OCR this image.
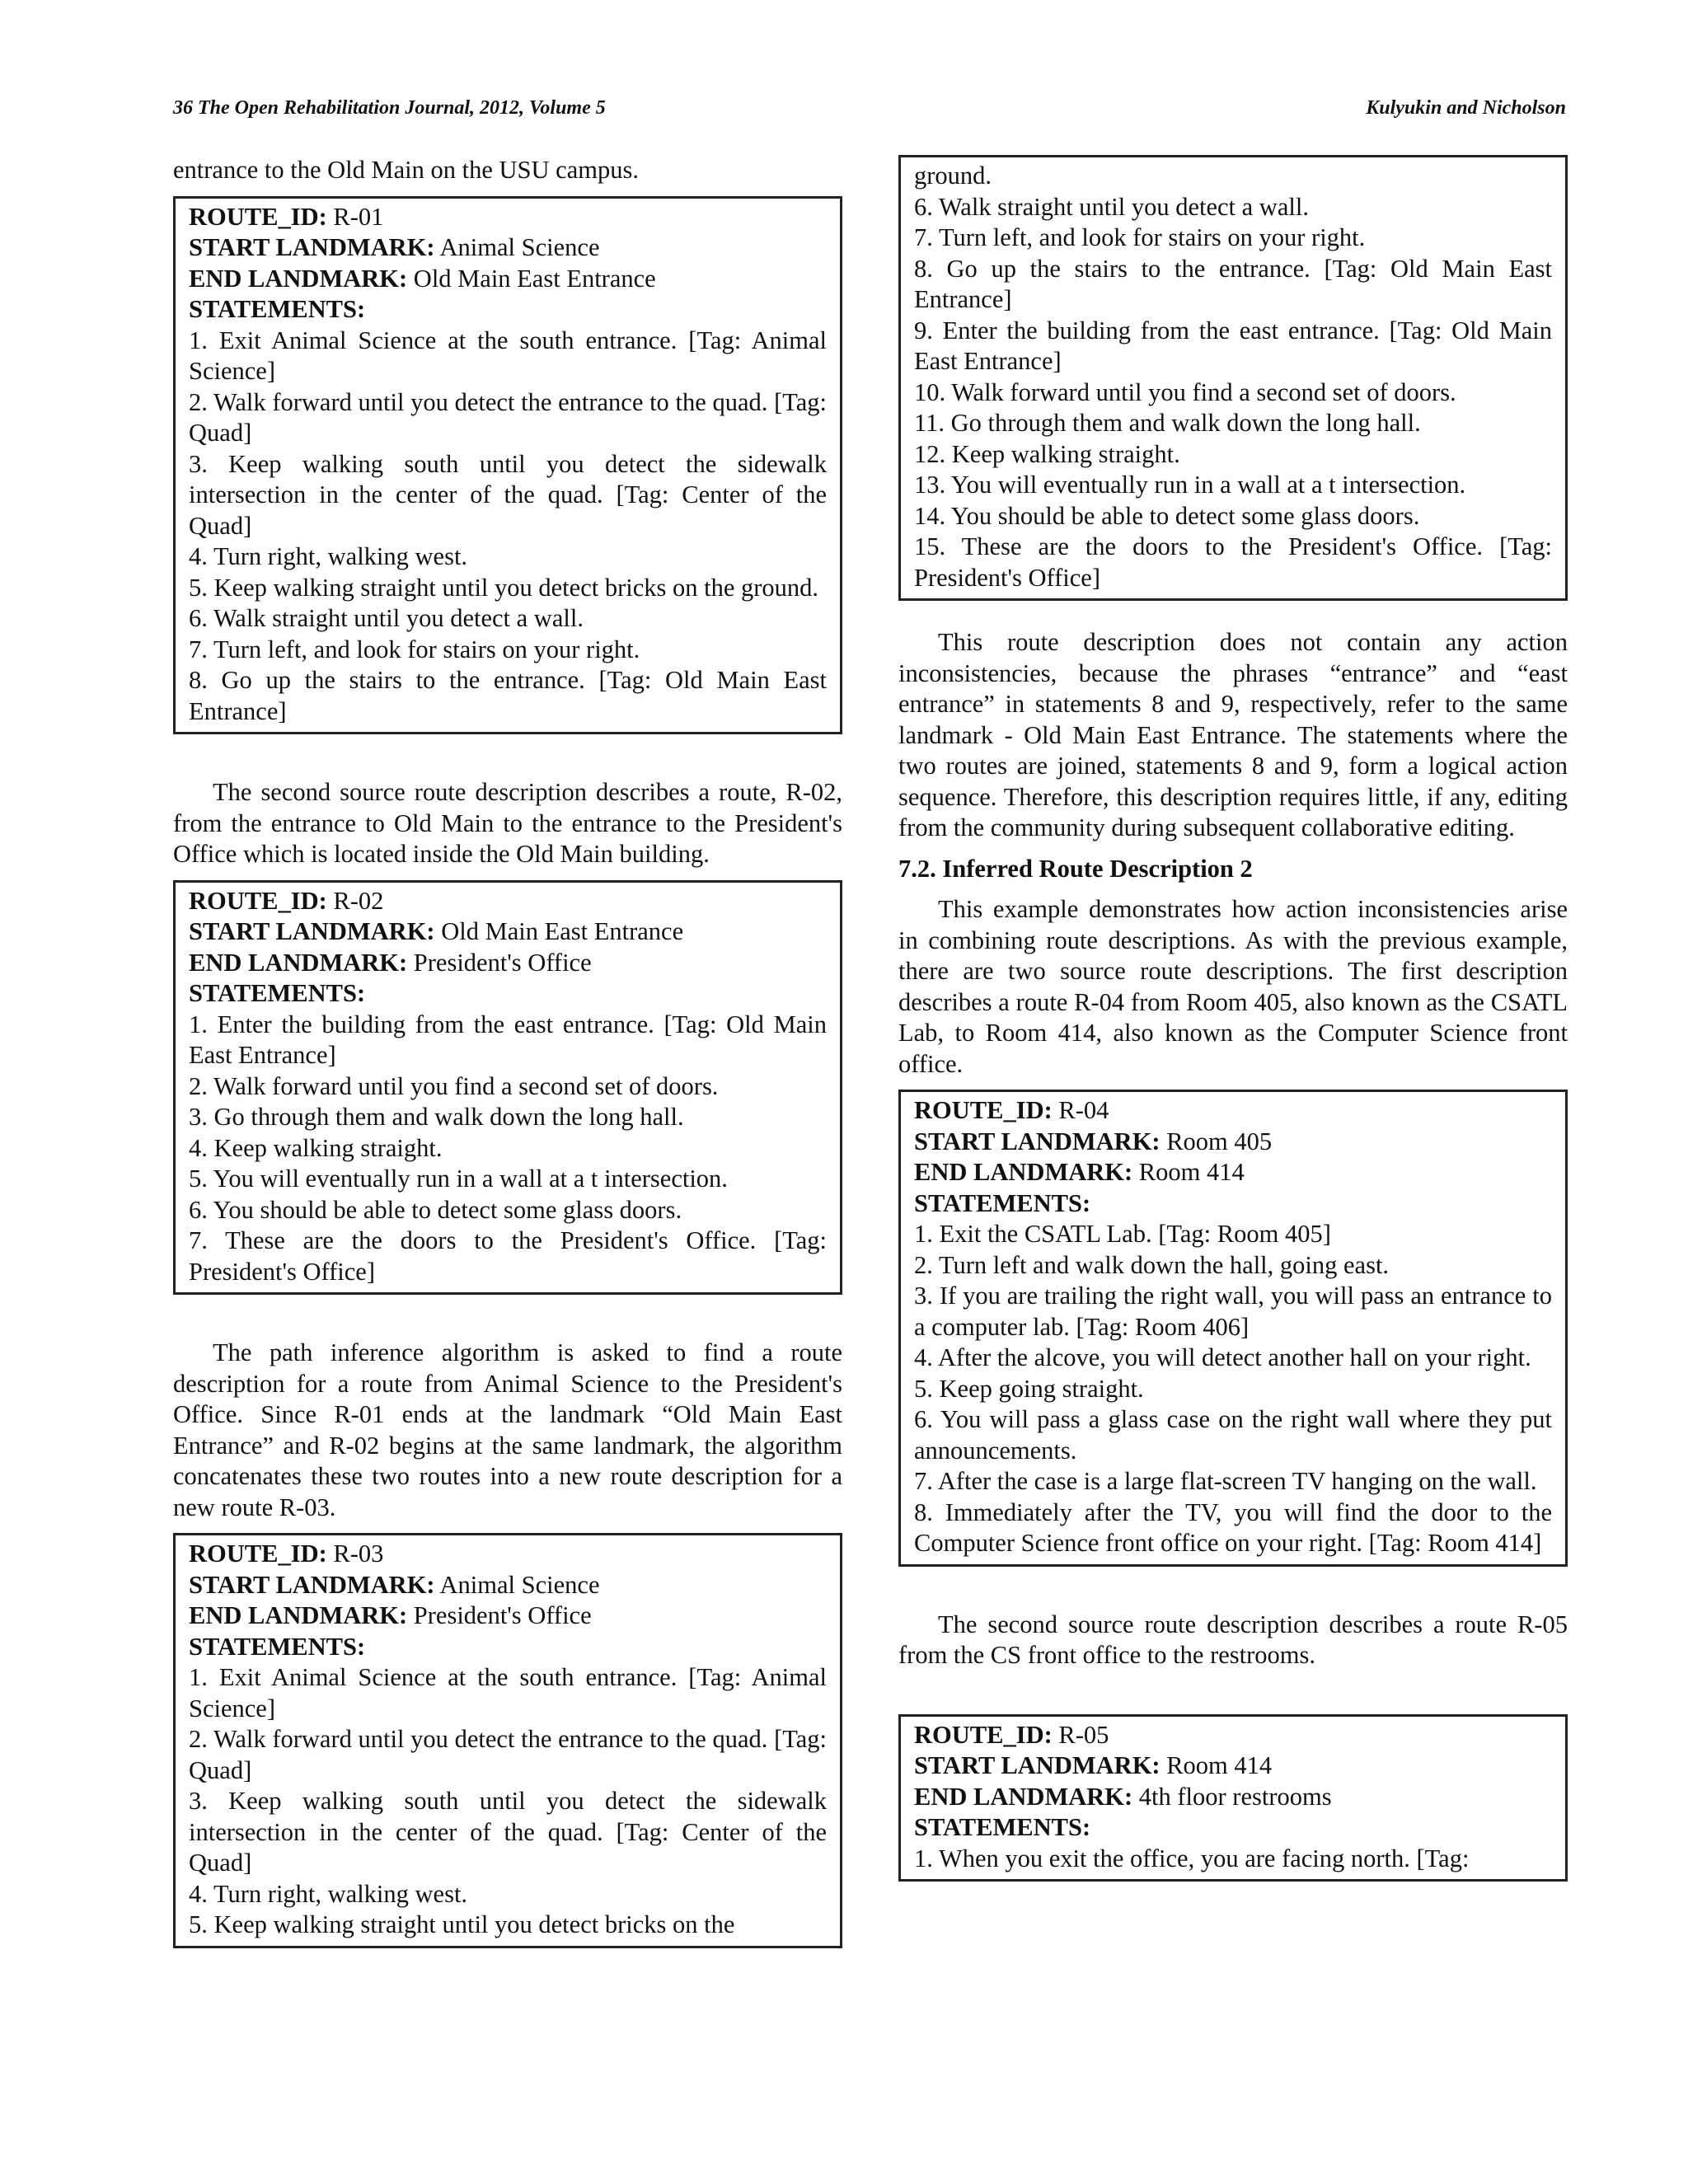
36 The Open Rehabilitation Journal, 2012, Volume 5	Kulyukin and Nicholson

entrance to the Old Main on the USU campus.

ROUTE_ID: R-01
START LANDMARK: Animal Science
END LANDMARK: Old Main East Entrance
STATEMENTS:
1. Exit Animal Science at the south entrance. [Tag: Animal Science]
2. Walk forward until you detect the entrance to the quad. [Tag: Quad]
3. Keep walking south until you detect the sidewalk intersection in the center of the quad. [Tag: Center of the Quad]
4. Turn right, walking west.
5. Keep walking straight until you detect bricks on the ground.
6. Walk straight until you detect a wall.
7. Turn left, and look for stairs on your right.
8. Go up the stairs to the entrance. [Tag: Old Main East Entrance]

The second source route description describes a route, R-02, from the entrance to Old Main to the entrance to the President's Office which is located inside the Old Main building.

ROUTE_ID: R-02
START LANDMARK: Old Main East Entrance
END LANDMARK: President's Office
STATEMENTS:
1. Enter the building from the east entrance. [Tag: Old Main East Entrance]
2. Walk forward until you find a second set of doors.
3. Go through them and walk down the long hall.
4. Keep walking straight.
5. You will eventually run in a wall at a t intersection.
6. You should be able to detect some glass doors.
7. These are the doors to the President's Office. [Tag: President's Office]

The path inference algorithm is asked to find a route description for a route from Animal Science to the President's Office. Since R-01 ends at the landmark “Old Main East Entrance” and R-02 begins at the same landmark, the algorithm concatenates these two routes into a new route description for a new route R-03.

ROUTE_ID: R-03
START LANDMARK: Animal Science
END LANDMARK: President's Office
STATEMENTS:
1. Exit Animal Science at the south entrance. [Tag: Animal Science]
2. Walk forward until you detect the entrance to the quad. [Tag: Quad]
3. Keep walking south until you detect the sidewalk intersection in the center of the quad. [Tag: Center of the Quad]
4. Turn right, walking west.
5. Keep walking straight until you detect bricks on the
ground.
6. Walk straight until you detect a wall.
7. Turn left, and look for stairs on your right.
8. Go up the stairs to the entrance. [Tag: Old Main East Entrance]
9. Enter the building from the east entrance. [Tag: Old Main East Entrance]
10. Walk forward until you find a second set of doors.
11. Go through them and walk down the long hall.
12. Keep walking straight.
13. You will eventually run in a wall at a t intersection.
14. You should be able to detect some glass doors.
15. These are the doors to the President's Office. [Tag: President's Office]

This route description does not contain any action inconsistencies, because the phrases “entrance” and “east entrance” in statements 8 and 9, respectively, refer to the same landmark - Old Main East Entrance. The statements where the two routes are joined, statements 8 and 9, form a logical action sequence. Therefore, this description requires little, if any, editing from the community during subsequent collaborative editing.

7.2. Inferred Route Description 2

This example demonstrates how action inconsistencies arise in combining route descriptions. As with the previous example, there are two source route descriptions. The first description describes a route R-04 from Room 405, also known as the CSATL Lab, to Room 414, also known as the Computer Science front office.

ROUTE_ID: R-04
START LANDMARK: Room 405
END LANDMARK: Room 414
STATEMENTS:
1. Exit the CSATL Lab. [Tag: Room 405]
2. Turn left and walk down the hall, going east.
3. If you are trailing the right wall, you will pass an entrance to a computer lab. [Tag: Room 406]
4. After the alcove, you will detect another hall on your right.
5. Keep going straight.
6. You will pass a glass case on the right wall where they put announcements.
7. After the case is a large flat-screen TV hanging on the wall.
8. Immediately after the TV, you will find the door to the Computer Science front office on your right. [Tag: Room 414]

The second source route description describes a route R-05 from the CS front office to the restrooms.

ROUTE_ID: R-05
START LANDMARK: Room 414
END LANDMARK: 4th floor restrooms
STATEMENTS:
1. When you exit the office, you are facing north. [Tag:
